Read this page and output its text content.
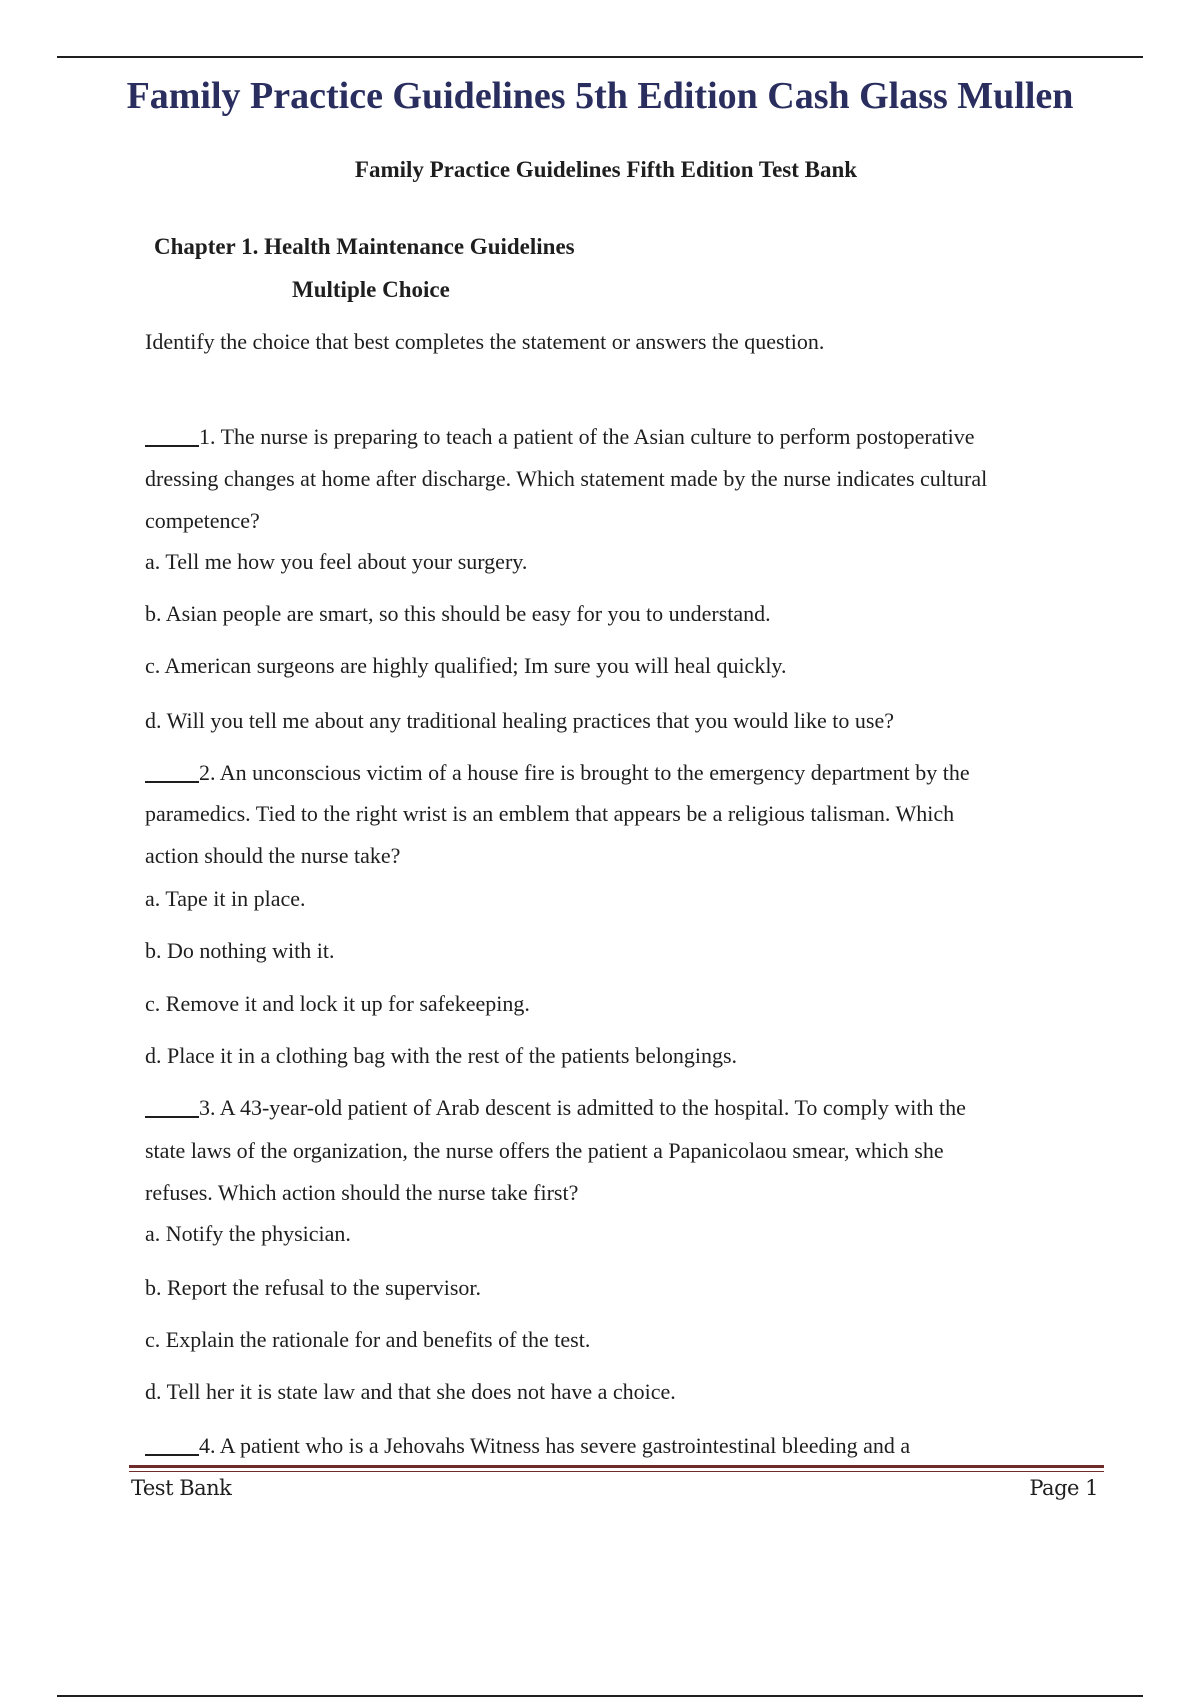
Family Practice Guidelines 5th Edition Cash Glass Mullen
Family Practice Guidelines Fifth Edition Test Bank
Chapter 1. Health Maintenance Guidelines
Multiple Choice
Identify the choice that best completes the statement or answers the question.
1. The nurse is preparing to teach a patient of the Asian culture to perform postoperative
dressing changes at home after discharge. Which statement made by the nurse indicates cultural
competence?
a. Tell me how you feel about your surgery.
b. Asian people are smart, so this should be easy for you to understand.
c. American surgeons are highly qualified; Im sure you will heal quickly.
d. Will you tell me about any traditional healing practices that you would like to use?
2. An unconscious victim of a house fire is brought to the emergency department by the
paramedics. Tied to the right wrist is an emblem that appears be a religious talisman. Which
action should the nurse take?
a. Tape it in place.
b. Do nothing with it.
c. Remove it and lock it up for safekeeping.
d. Place it in a clothing bag with the rest of the patients belongings.
3. A 43-year-old patient of Arab descent is admitted to the hospital. To comply with the
state laws of the organization, the nurse offers the patient a Papanicolaou smear, which she
refuses. Which action should the nurse take first?
a. Notify the physician.
b. Report the refusal to the supervisor.
c. Explain the rationale for and benefits of the test.
d. Tell her it is state law and that she does not have a choice.
4. A patient who is a Jehovahs Witness has severe gastrointestinal bleeding and a
Test Bank	Page 1
